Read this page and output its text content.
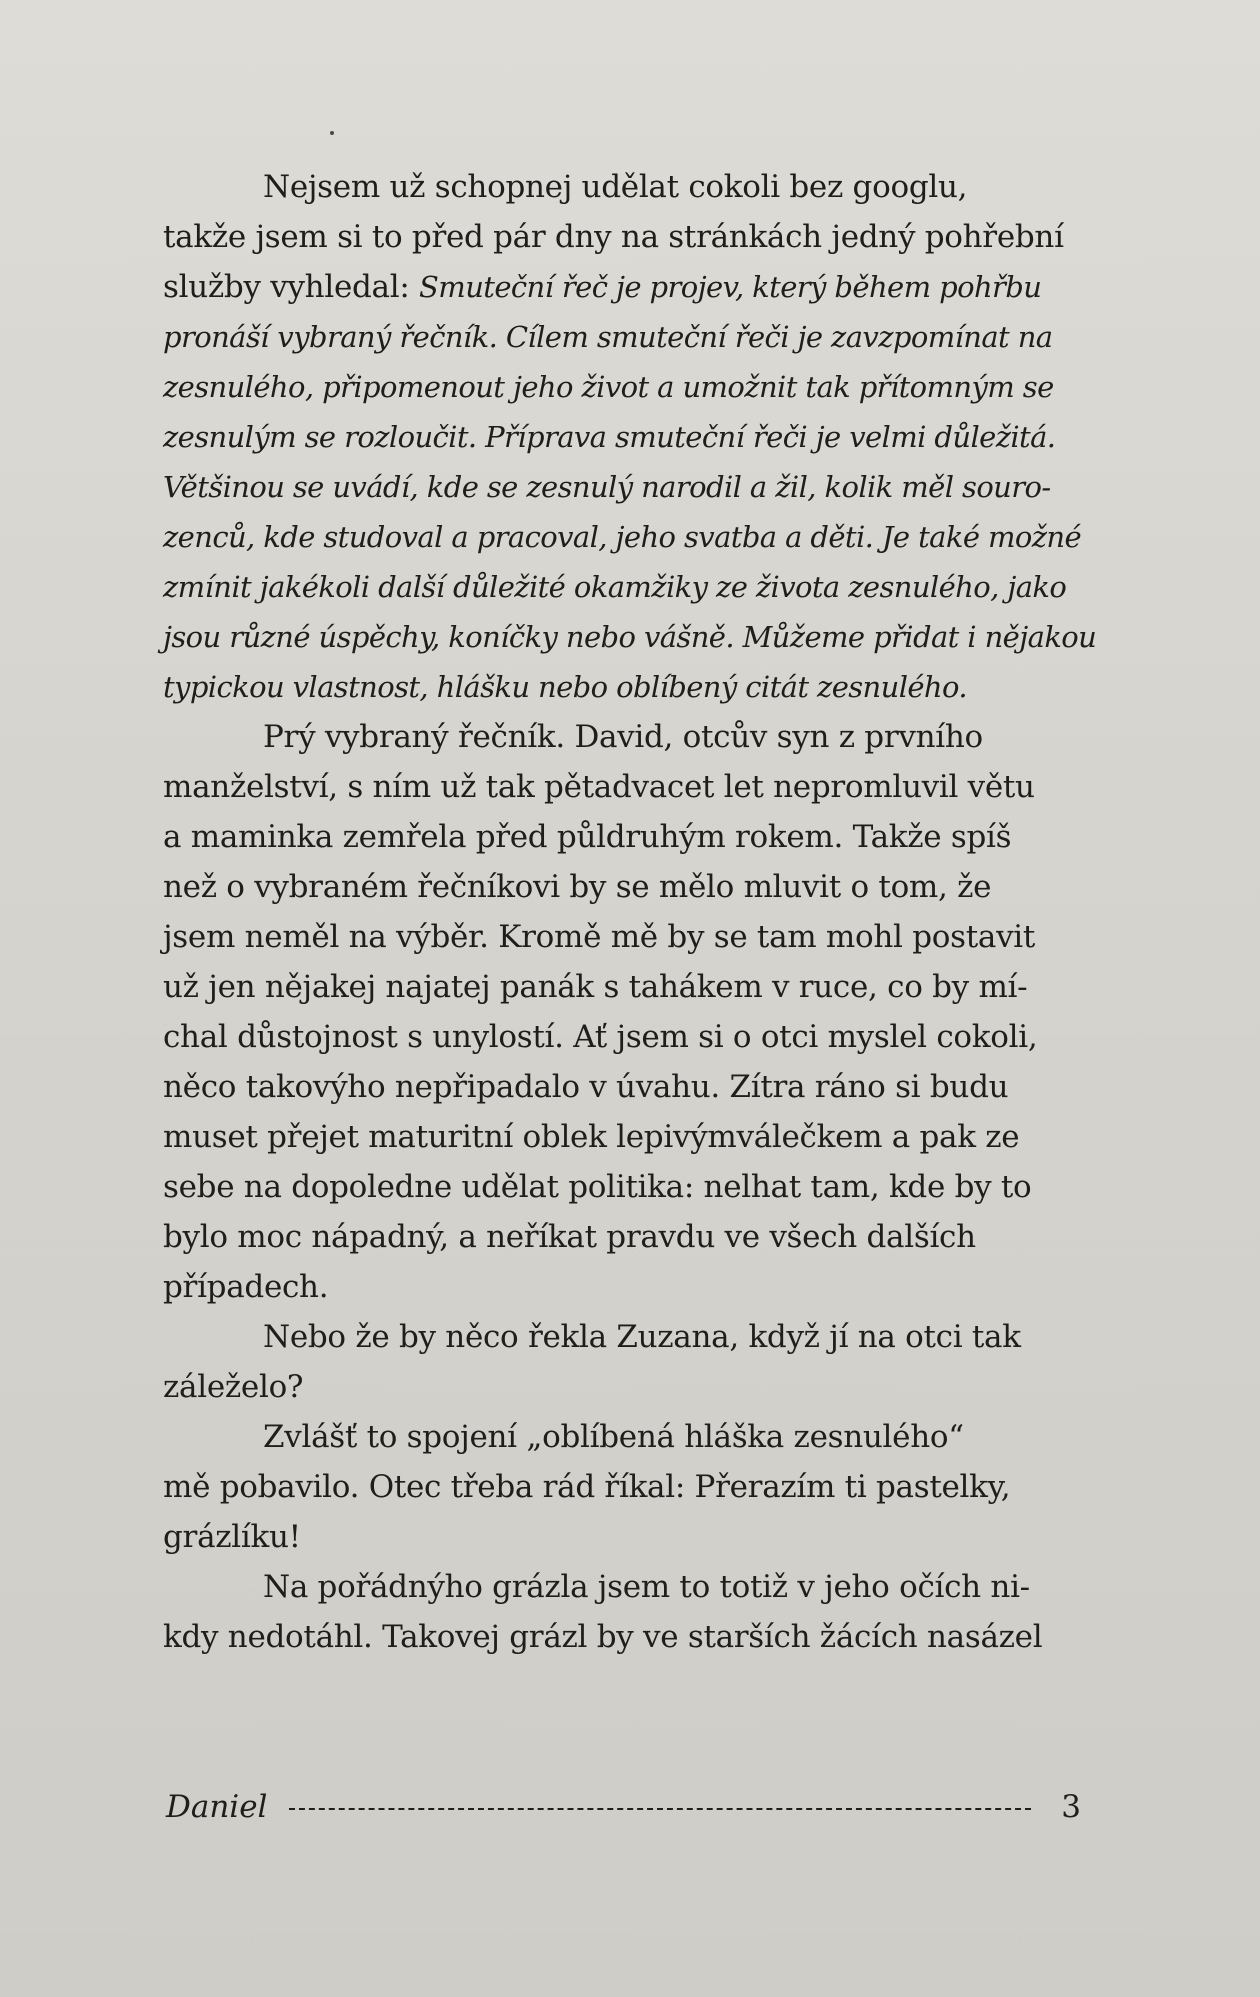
Nejsem už schopnej udělat cokoli bez googlu,
takže jsem si to před pár dny na stránkách jedný pohřební
služby vyhledal: Smuteční řeč je projev, který během pohřbu
pronáší vybraný řečník. Cílem smuteční řeči je zavzpomínat na
zesnulého, připomenout jeho život a umožnit tak přítomným se
zesnulým se rozloučit. Příprava smuteční řeči je velmi důležitá.
Většinou se uvádí, kde se zesnulý narodil a žil, kolik měl souro-
zenců, kde studoval a pracoval, jeho svatba a děti. Je také možné
zmínit jakékoli další důležité okamžiky ze života zesnulého, jako
jsou různé úspěchy, koníčky nebo vášně. Můžeme přidat i nějakou
typickou vlastnost, hlášku nebo oblíbený citát zesnulého.
Prý vybraný řečník. David, otcův syn z prvního
manželství, s ním už tak pětadvacet let nepromluvil větu
a maminka zemřela před půldruhým rokem. Takže spíš
než o vybraném řečníkovi by se mělo mluvit o tom, že
jsem neměl na výběr. Kromě mě by se tam mohl postavit
už jen nějakej najatej panák s tahákem v ruce, co by mí-
chal důstojnost s unylostí. Ať jsem si o otci myslel cokoli,
něco takovýho nepřipadalo v úvahu. Zítra ráno si budu
muset přejet maturitní oblek lepivýmválečkem a pak ze
sebe na dopoledne udělat politika: nelhat tam, kde by to
bylo moc nápadný, a neříkat pravdu ve všech dalších
případech.
Nebo že by něco řekla Zuzana, když jí na otci tak
záleželo?
Zvlášť to spojení „oblíbená hláška zesnulého“
mě pobavilo. Otec třeba rád říkal: Přerazím ti pastelky,
grázlíku!
Na pořádnýho grázla jsem to totiž v jeho očích ni-
kdy nedotáhl. Takovej grázl by ve starších žácích nasázel
Daniel	3
